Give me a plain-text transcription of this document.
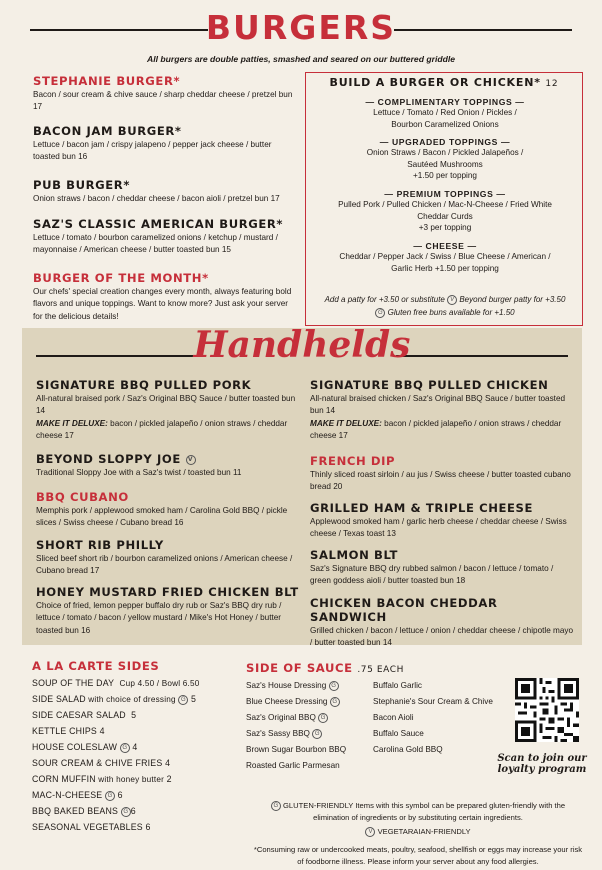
BURGERS
All burgers are double patties, smashed and seared on our buttered griddle
STEPHANIE BURGER*
Bacon / sour cream & chive sauce / sharp cheddar cheese / pretzel bun 17
BACON JAM BURGER*
Lettuce / bacon jam / crispy jalapeno / pepper jack cheese / butter toasted bun 16
PUB BURGER*
Onion straws / bacon / cheddar cheese / bacon aioli / pretzel bun 17
SAZ'S CLASSIC AMERICAN BURGER*
Lettuce / tomato / bourbon caramelized onions / ketchup / mustard / mayonnaise / American cheese / butter toasted bun 15
BURGER OF THE MONTH*
Our chefs' special creation changes every month, always featuring bold flavors and unique toppings. Want to know more? Just ask your server for the delicious details!
BUILD A BURGER OR CHICKEN* 12
— COMPLIMENTARY TOPPINGS —
Lettuce / Tomato / Red Onion / Pickles /
Bourbon Caramelized Onions
— UPGRADED TOPPINGS —
Onion Straws / Bacon / Pickled Jalapeños /
Sautéed Mushrooms
+1.50 per topping
— PREMIUM TOPPINGS —
Pulled Pork / Pulled Chicken / Mac-N-Cheese / Fried White
Cheddar Curds
+3 per topping
— CHEESE —
Cheddar / Pepper Jack / Swiss / Blue Cheese / American /
Garlic Herb +1.50 per topping
Add a patty for +3.50 or substitute V Beyond burger patty for +3.50
G Gluten free buns available for +1.50
Handhelds
SIGNATURE BBQ PULLED PORK
All-natural braised pork / Saz's Original BBQ Sauce / butter toasted bun 14
MAKE IT DELUXE: bacon / pickled jalapeño / onion straws / cheddar cheese 17
BEYOND SLOPPY JOE V
Traditional Sloppy Joe with a Saz's twist / toasted bun 11
BBQ CUBANO
Memphis pork / applewood smoked ham / Carolina Gold BBQ / pickle slices / Swiss cheese / Cubano bread 16
SHORT RIB PHILLY
Sliced beef short rib / bourbon caramelized onions / American cheese / Cubano bread 17
HONEY MUSTARD FRIED CHICKEN BLT
Choice of fried, lemon pepper buffalo dry rub or Saz's BBQ dry rub / lettuce / tomato / bacon / yellow mustard / Mike's Hot Honey / butter toasted bun 16
SIGNATURE BBQ PULLED CHICKEN
All-natural braised chicken / Saz's Original BBQ Sauce / butter toasted bun 14
MAKE IT DELUXE: bacon / pickled jalapeño / onion straws / cheddar cheese 17
FRENCH DIP
Thinly sliced roast sirloin / au jus / Swiss cheese / butter toasted cubano bread 20
GRILLED HAM & TRIPLE CHEESE
Applewood smoked ham / garlic herb cheese / cheddar cheese / Swiss cheese / Texas toast 13
SALMON BLT
Saz's Signature BBQ dry rubbed salmon / bacon / lettuce / tomato / green goddess aioli / butter toasted bun 18
CHICKEN BACON CHEDDAR SANDWICH
Grilled chicken / bacon / lettuce / onion / cheddar cheese / chipotle mayo / butter toasted bun 14
A LA CARTE SIDES
SOUP OF THE DAY Cup 4.50 / Bowl 6.50
SIDE SALAD with choice of dressing G 5
SIDE CAESAR SALAD 5
KETTLE CHIPS 4
HOUSE COLESLAW G 4
SOUR CREAM & CHIVE FRIES 4
CORN MUFFIN with honey butter 2
MAC-N-CHEESE G 6
BBQ BAKED BEANS G 6
SEASONAL VEGETABLES 6
SIDE OF SAUCE .75 EACH
Saz's House Dressing G
Blue Cheese Dressing G
Saz's Original BBQ G
Saz's Sassy BBQ G
Brown Sugar Bourbon BBQ
Roasted Garlic Parmesan
Buffalo Garlic
Stephanie's Sour Cream & Chive
Bacon Aioli
Buffalo Sauce
Carolina Gold BBQ
Scan to join our
loyalty program
G GLUTEN-FRIENDLY Items with this symbol can be prepared gluten-friendly with the elimination of ingredients or by substituting certain ingredients.
V VEGETARAIAN-FRIENDLY
*Consuming raw or undercooked meats, poultry, seafood, shellfish or eggs may increase your risk of foodborne illness. Please inform your server about any food allergies.
